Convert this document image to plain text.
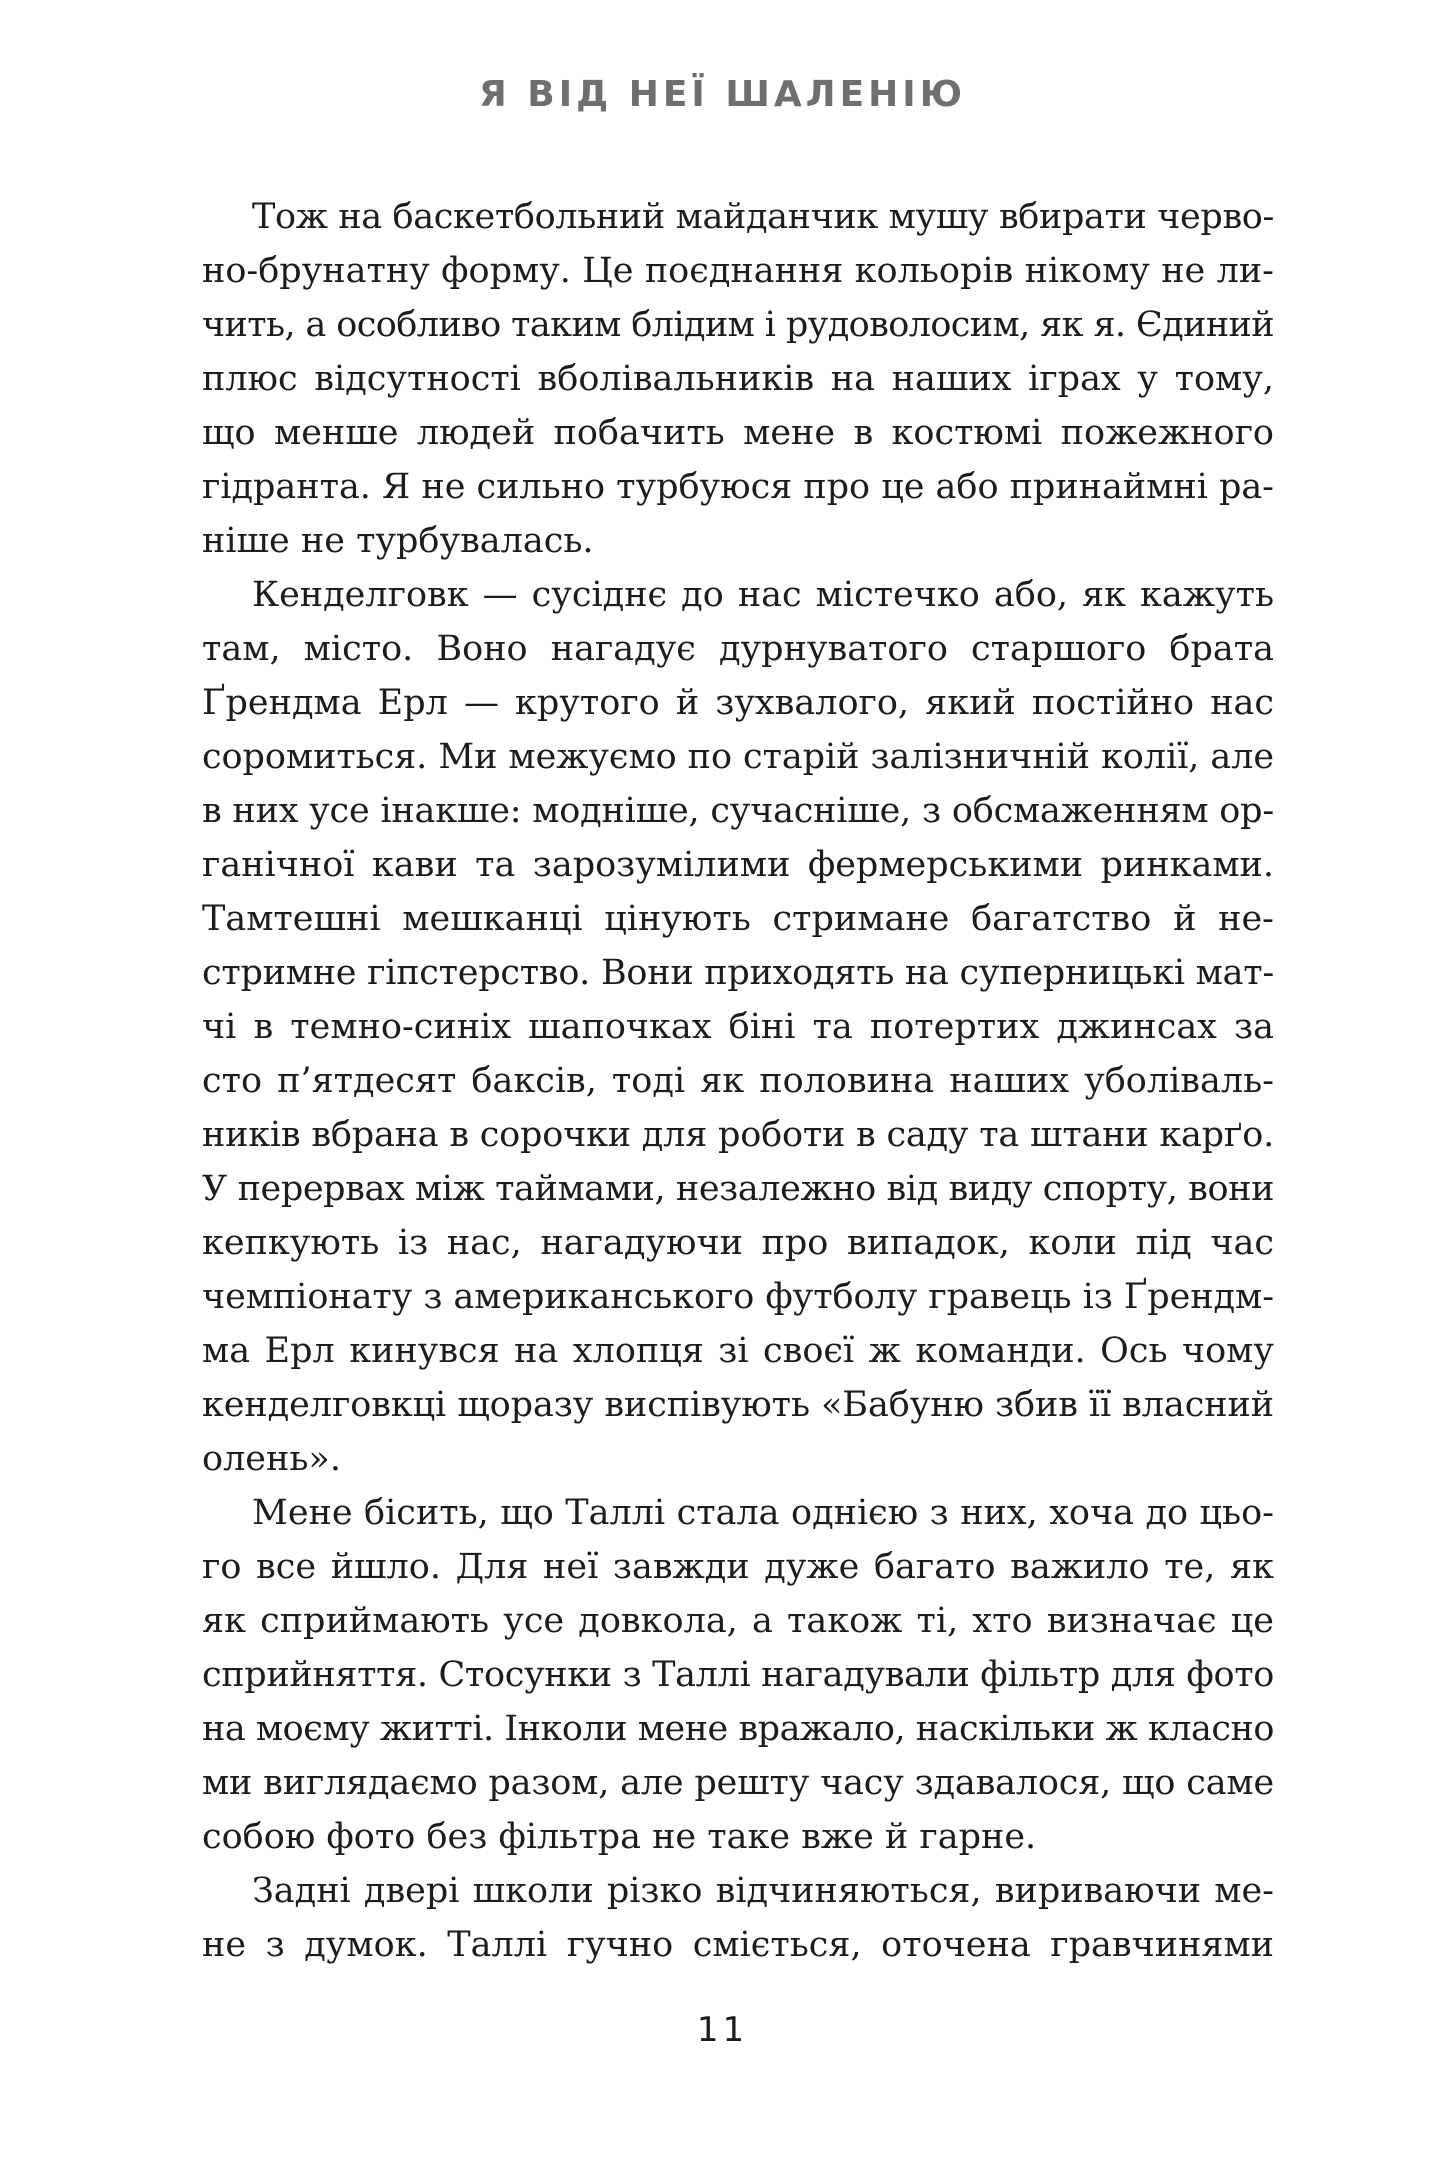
Я ВІД НЕЇ ШАЛЕНІЮ
Тож на баскетбольний майданчик мушу вбирати черво-
но-брунатну форму. Це поєднання кольорів нікому не ли-
чить, а особливо таким блідим і рудоволосим, як я. Єдиний
плюс відсутності вболівальників на наших іграх у тому,
що менше людей побачить мене в костюмі пожежного
гідранта. Я не сильно турбуюся про це або принаймні ра-
ніше не турбувалась.
Кенделговк — сусіднє до нас містечко або, як кажуть
там, місто. Воно нагадує дурнуватого старшого брата
Ґрендма Ерл — крутого й зухвалого, який постійно нас
соромиться. Ми межуємо по старій залізничній колії, але
в них усе інакше: модніше, сучасніше, з обсмаженням ор-
ганічної кави та зарозумілими фермерськими ринками.
Тамтешні мешканці цінують стримане багатство й не-
стримне гіпстерство. Вони приходять на суперницькі мат-
чі в темно-синіх шапочках біні та потертих джинсах за
сто п’ятдесят баксів, тоді як половина наших уболіваль-
ників вбрана в сорочки для роботи в саду та штани карґо.
У перервах між таймами, незалежно від виду спорту, вони
кепкують із нас, нагадуючи про випадок, коли під час
чемпіонату з американського футболу гравець із Ґрендм-
ма Ерл кинувся на хлопця зі своєї ж команди. Ось чому
кенделговкці щоразу виспівують «Бабуню збив її власний
олень».
Мене бісить, що Таллі стала однією з них, хоча до цьо-
го все йшло. Для неї завжди дуже багато важило те, як
як сприймають усе довкола, а також ті, хто визначає це
сприйняття. Стосунки з Таллі нагадували фільтр для фото
на моєму житті. Інколи мене вражало, наскільки ж класно
ми виглядаємо разом, але решту часу здавалося, що саме
собою фото без фільтра не таке вже й гарне.
Задні двері школи різко відчиняються, вириваючи ме-
не з думок. Таллі гучно сміється, оточена гравчинями
11
